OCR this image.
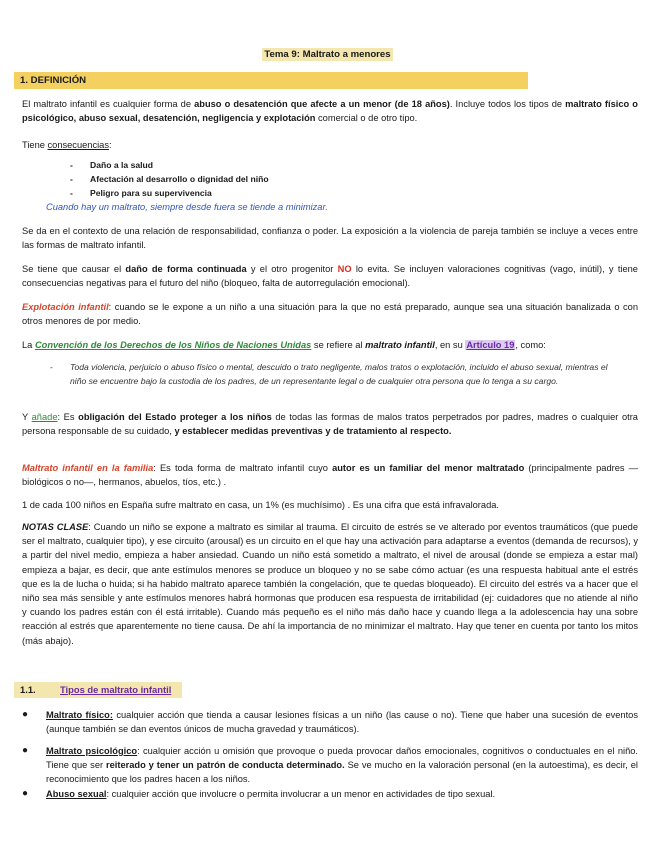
Tema 9: Maltrato a menores
1. DEFINICIÓN

El maltrato infantil es cualquier forma de abuso o desatención que afecte a un menor (de 18 años). Incluye todos los tipos de maltrato físico o psicológico, abuso sexual, desatención, negligencia y explotación comercial o de otro tipo.

Tiene consecuencias:

- Daño a la salud
- Afectación al desarrollo o dignidad del niño
- Peligro para su supervivencia

Cuando hay un maltrato, siempre desde fuera se tiende a minimizar.

Se da en el contexto de una relación de responsabilidad, confianza o poder. La exposición a la violencia de pareja también se incluye a veces entre las formas de maltrato infantil.

Se tiene que causar el daño de forma continuada y el otro progenitor NO lo evita. Se incluyen valoraciones cognitivas (vago, inútil), y tiene consecuencias negativas para el futuro del niño (bloqueo, falta de autorregulación emocional).

Explotación infantil: cuando se le expone a un niño a una situación para la que no está preparado, aunque sea una situación banalizada o con otros menores de por medio.

La Convención de los Derechos de los Niños de Naciones Unidas se refiere al maltrato infantil, en su Artículo 19, como:

-	Toda violencia, perjuicio o abuso físico o mental, descuido o trato negligente, malos tratos o explotación, incluido el abuso sexual, mientras el niño se encuentre bajo la custodia de los padres, de un representante legal o de cualquier otra persona que lo tenga a su cargo.

Y añade: Es obligación del Estado proteger a los niños de todas las formas de malos tratos perpetrados por padres, madres o cualquier otra persona responsable de su cuidado, y establecer medidas preventivas y de tratamiento al respecto.

Maltrato infantil en la familia: Es toda forma de maltrato infantil cuyo autor es un familiar del menor maltratado (principalmente padres —biológicos o no—, hermanos, abuelos, tíos, etc.) .

1 de cada 100 niños en España sufre maltrato en casa, un 1% (es muchísimo) . Es una cifra que está infravalorada.

NOTAS CLASE: Cuando un niño se expone a maltrato es similar al trauma. El circuito de estrés se ve alterado por eventos traumáticos (que puede ser el maltrato, cualquier tipo), y ese circuito (arousal) es un circuito en el que hay una activación para adaptarse a eventos (demanda de recursos), y a partir del nivel medio, empieza a haber ansiedad. Cuando un niño está sometido a maltrato, el nivel de arousal (donde se empieza a estar mal) empieza a bajar, es decir, que ante estímulos menores se produce un bloqueo y no se sabe cómo actuar (es una respuesta habitual ante el estrés que es la de lucha o huida; si ha habido maltrato aparece también la congelación, que te quedas bloqueado). El circuito del estrés va a hacer que el niño sea más sensible y ante estímulos menores habrá hormonas que producen esa respuesta de irritabilidad (ej: cuidadores que no atiende al niño y cuando los padres están con él está irritable). Cuando más pequeño es el niño más daño hace y cuando llega a la adolescencia hay una sobre reacción al estrés que aparentemente no tiene causa. De ahí la importancia de no minimizar el maltrato. Hay que tener en cuenta por tanto los mitos (más abajo).

1.1.	Tipos de maltrato infantil
●	Maltrato físico: cualquier acción que tienda a causar lesiones físicas a un niño (las cause o no). Tiene que haber una sucesión de eventos (aunque también se dan eventos únicos de mucha gravedad y traumáticos).
●	Maltrato psicológico: cualquier acción u omisión que provoque o pueda provocar daños emocionales, cognitivos o conductuales en el niño. Tiene que ser reiterado y tener un patrón de conducta determinado. Se ve mucho en la valoración personal (en la autoestima), es decir, el reconocimiento que los padres hacen a los niños.
●	Abuso sexual: cualquier acción que involucre o permita involucrar a un menor en actividades de tipo sexual.
